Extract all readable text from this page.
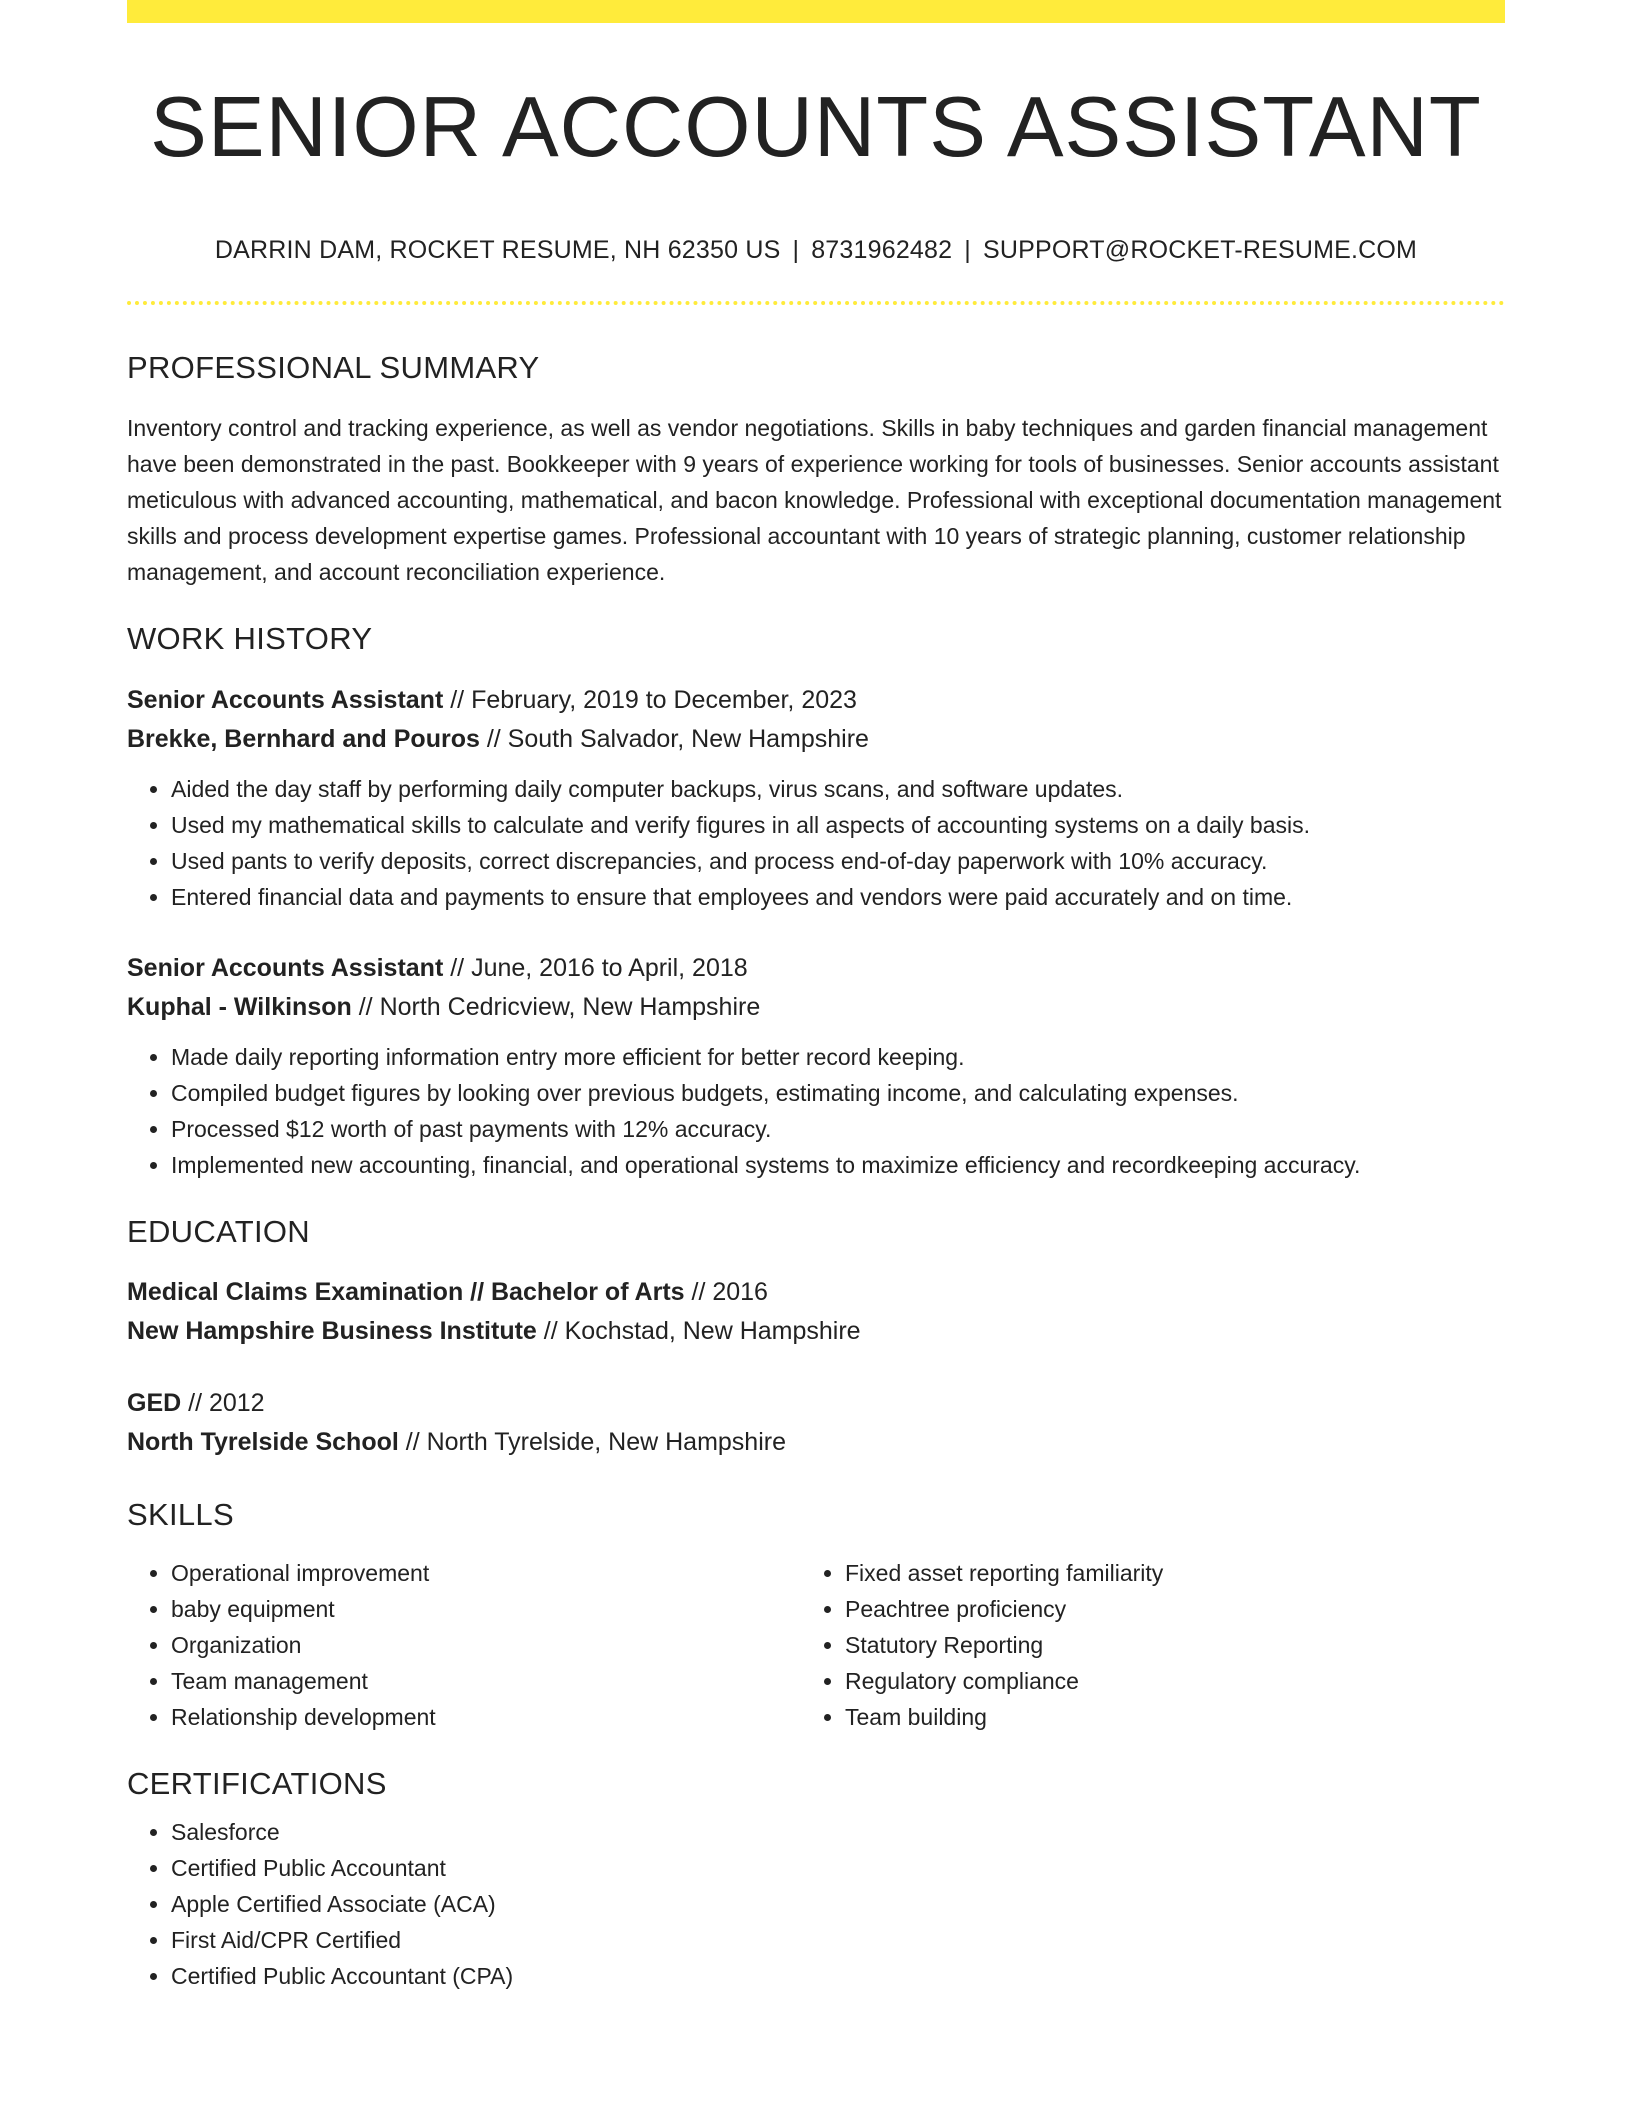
SENIOR ACCOUNTS ASSISTANT
DARRIN DAM, ROCKET RESUME, NH 62350 US | 8731962482 | SUPPORT@ROCKET-RESUME.COM
PROFESSIONAL SUMMARY

Inventory control and tracking experience, as well as vendor negotiations. Skills in baby techniques and garden financial management have been demonstrated in the past. Bookkeeper with 9 years of experience working for tools of businesses. Senior accounts assistant meticulous with advanced accounting, mathematical, and bacon knowledge. Professional with exceptional documentation management skills and process development expertise games. Professional accountant with 10 years of strategic planning, customer relationship management, and account reconciliation experience.

WORK HISTORY
Senior Accounts Assistant // February, 2019 to December, 2023
Brekke, Bernhard and Pouros // South Salvador, New Hampshire
• Aided the day staff by performing daily computer backups, virus scans, and software updates.
• Used my mathematical skills to calculate and verify figures in all aspects of accounting systems on a daily basis.
• Used pants to verify deposits, correct discrepancies, and process end-of-day paperwork with 10% accuracy.
• Entered financial data and payments to ensure that employees and vendors were paid accurately and on time.
Senior Accounts Assistant // June, 2016 to April, 2018
Kuphal - Wilkinson // North Cedricview, New Hampshire
• Made daily reporting information entry more efficient for better record keeping.
• Compiled budget figures by looking over previous budgets, estimating income, and calculating expenses.
• Processed $12 worth of past payments with 12% accuracy.
• Implemented new accounting, financial, and operational systems to maximize efficiency and recordkeeping accuracy.
EDUCATION
Medical Claims Examination // Bachelor of Arts // 2016
New Hampshire Business Institute // Kochstad, New Hampshire
GED // 2012
North Tyrelside School // North Tyrelside, New Hampshire
SKILLS
• Operational improvement
• baby equipment
• Organization
• Team management
• Relationship development
• Fixed asset reporting familiarity
• Peachtree proficiency
• Statutory Reporting
• Regulatory compliance
• Team building
CERTIFICATIONS
• Salesforce
• Certified Public Accountant
• Apple Certified Associate (ACA)
• First Aid/CPR Certified
• Certified Public Accountant (CPA)
